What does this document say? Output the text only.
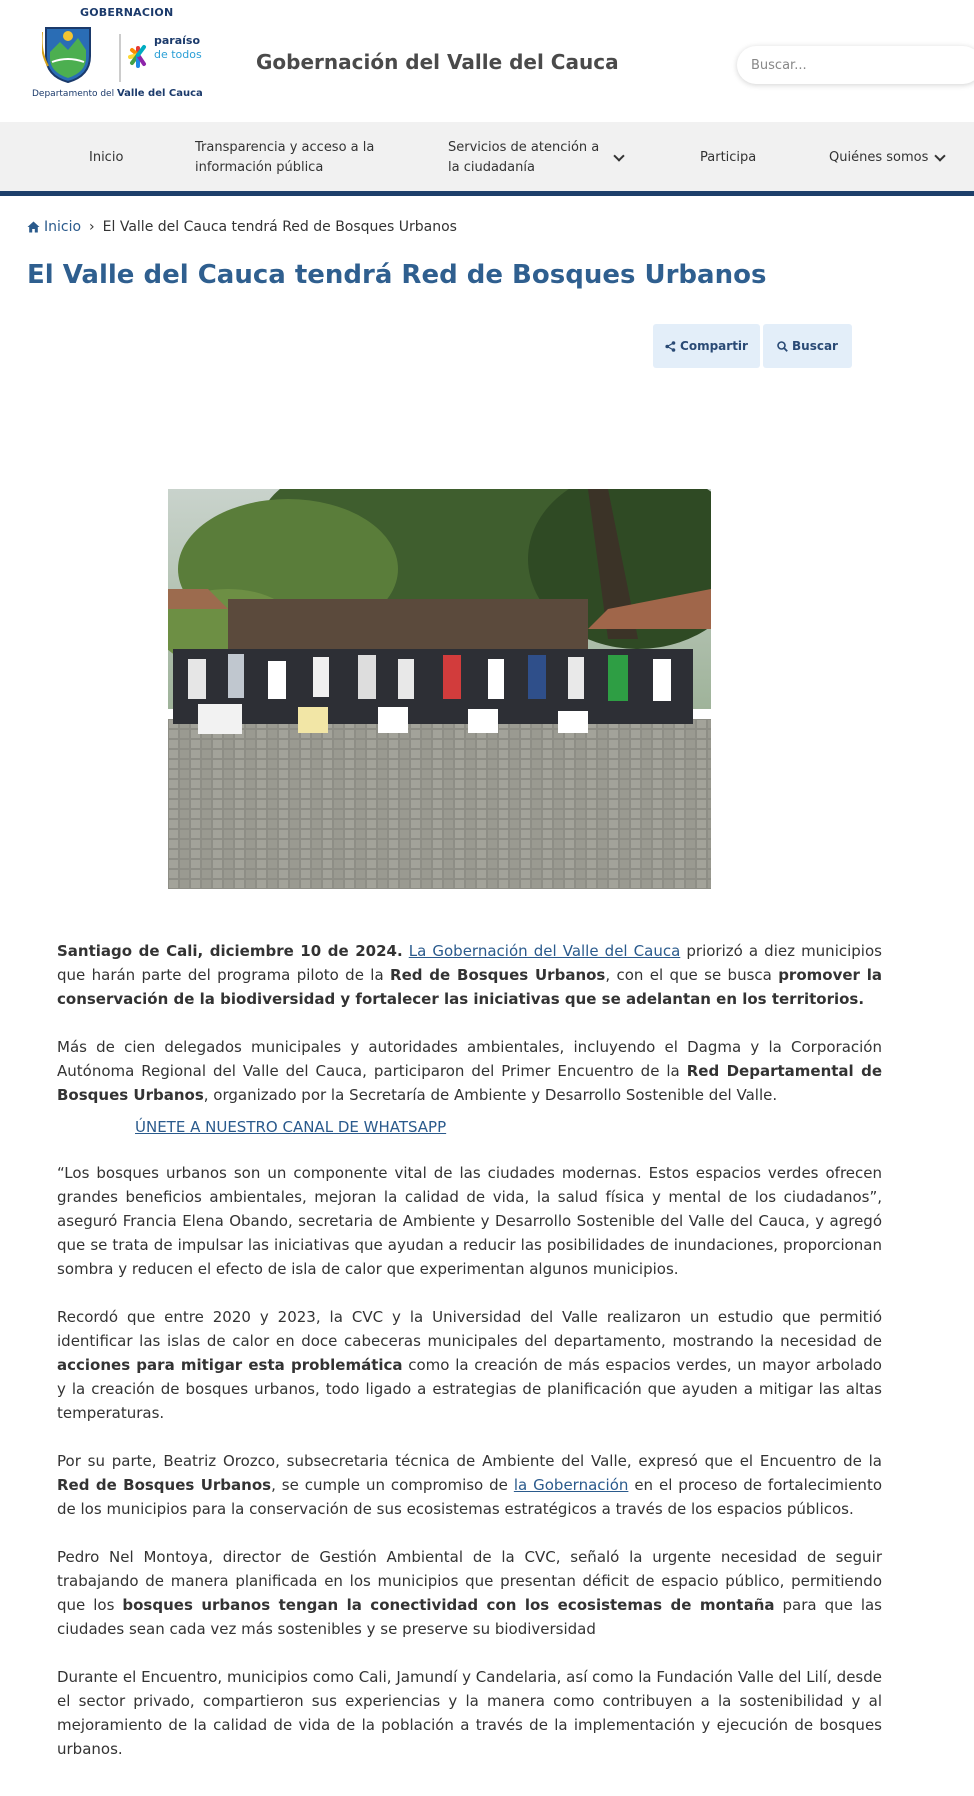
GOBERNACION
paraíso
de todos
Departamento del Valle del Cauca
Gobernación del Valle del Cauca
Buscar...
Inicio
Transparencia y acceso a la información pública
Servicios de atención a la ciudadanía
Participa	Quiénes somos
Inicio › El Valle del Cauca tendrá Red de Bosques Urbanos
El Valle del Cauca tendrá Red de Bosques Urbanos
Compartir	Buscar

Santiago de Cali, diciembre 10 de 2024. La Gobernación del Valle del Cauca priorizó a diez municipios que harán parte del programa piloto de la Red de Bosques Urbanos, con el que se busca promover la conservación de la biodiversidad y fortalecer las iniciativas que se adelantan en los territorios.

Más de cien delegados municipales y autoridades ambientales, incluyendo el Dagma y la Corporación Autónoma Regional del Valle del Cauca, participaron del Primer Encuentro de la Red Departamental de Bosques Urbanos, organizado por la Secretaría de Ambiente y Desarrollo Sostenible del Valle.

ÚNETE A NUESTRO CANAL DE WHATSAPP

“Los bosques urbanos son un componente vital de las ciudades modernas. Estos espacios verdes ofrecen grandes beneficios ambientales, mejoran la calidad de vida, la salud física y mental de los ciudadanos”, aseguró Francia Elena Obando, secretaria de Ambiente y Desarrollo Sostenible del Valle del Cauca, y agregó que se trata de impulsar las iniciativas que ayudan a reducir las posibilidades de inundaciones, proporcionan sombra y reducen el efecto de isla de calor que experimentan algunos municipios.

Recordó que entre 2020 y 2023, la CVC y la Universidad del Valle realizaron un estudio que permitió identificar las islas de calor en doce cabeceras municipales del departamento, mostrando la necesidad de acciones para mitigar esta problemática como la creación de más espacios verdes, un mayor arbolado y la creación de bosques urbanos, todo ligado a estrategias de planificación que ayuden a mitigar las altas temperaturas.

Por su parte, Beatriz Orozco, subsecretaria técnica de Ambiente del Valle, expresó que el Encuentro de la Red de Bosques Urbanos, se cumple un compromiso de la Gobernación en el proceso de fortalecimiento de los municipios para la conservación de sus ecosistemas estratégicos a través de los espacios públicos.

Pedro Nel Montoya, director de Gestión Ambiental de la CVC, señaló la urgente necesidad de seguir trabajando de manera planificada en los municipios que presentan déficit de espacio público, permitiendo que los bosques urbanos tengan la conectividad con los ecosistemas de montaña para que las ciudades sean cada vez más sostenibles y se preserve su biodiversidad

Durante el Encuentro, municipios como Cali, Jamundí y Candelaria, así como la Fundación Valle del Lilí, desde el sector privado, compartieron sus experiencias y la manera como contribuyen a la sostenibilidad y al mejoramiento de la calidad de vida de la población a través de la implementación y ejecución de bosques urbanos.
